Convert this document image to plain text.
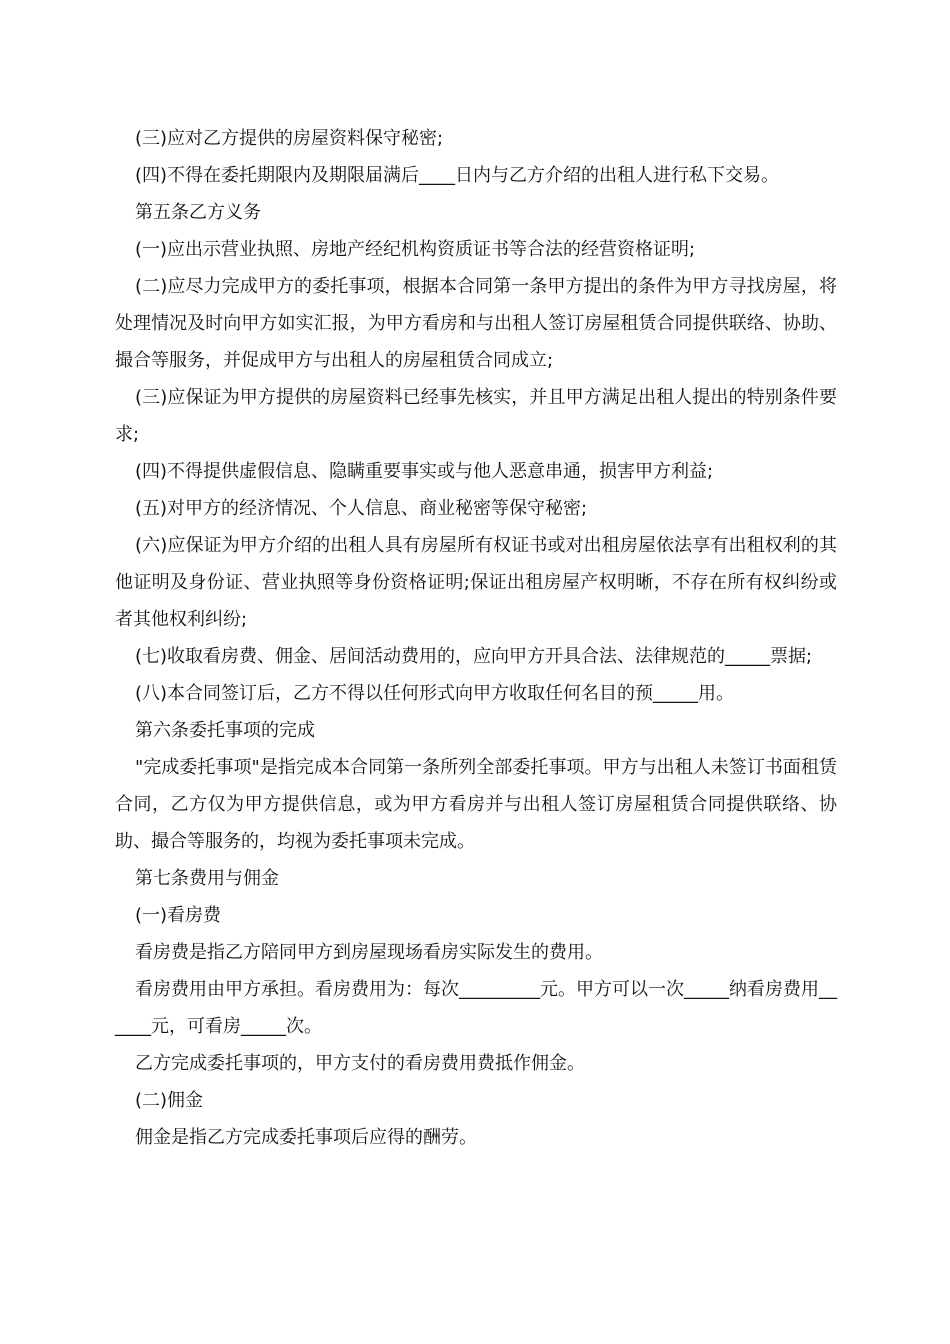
(三)应对乙方提供的房屋资料保守秘密;

(四)不得在委托期限内及期限届满后____日内与乙方介绍的出租人进行私下交易。

第五条乙方义务

(一)应出示营业执照、房地产经纪机构资质证书等合法的经营资格证明;

(二)应尽力完成甲方的委托事项，根据本合同第一条甲方提出的条件为甲方寻找房屋，将处理情况及时向甲方如实汇报，为甲方看房和与出租人签订房屋租赁合同提供联络、协助、撮合等服务，并促成甲方与出租人的房屋租赁合同成立;

(三)应保证为甲方提供的房屋资料已经事先核实，并且甲方满足出租人提出的特别条件要求;

(四)不得提供虚假信息、隐瞒重要事实或与他人恶意串通，损害甲方利益;

(五)对甲方的经济情况、个人信息、商业秘密等保守秘密;

(六)应保证为甲方介绍的出租人具有房屋所有权证书或对出租房屋依法享有出租权利的其他证明及身份证、营业执照等身份资格证明;保证出租房屋产权明晰，不存在所有权纠纷或者其他权利纠纷;

(七)收取看房费、佣金、居间活动费用的，应向甲方开具合法、法律规范的_____票据;

(八)本合同签订后，乙方不得以任何形式向甲方收取任何名目的预_____用。

第六条委托事项的完成

"完成委托事项"是指完成本合同第一条所列全部委托事项。甲方与出租人未签订书面租赁合同，乙方仅为甲方提供信息，或为甲方看房并与出租人签订房屋租赁合同提供联络、协助、撮合等服务的，均视为委托事项未完成。

第七条费用与佣金

(一)看房费

看房费是指乙方陪同甲方到房屋现场看房实际发生的费用。

看房费用由甲方承担。看房费用为：每次_________元。甲方可以一次_____纳看房费用______元，可看房_____次。

乙方完成委托事项的，甲方支付的看房费用费抵作佣金。

(二)佣金

佣金是指乙方完成委托事项后应得的酬劳。
